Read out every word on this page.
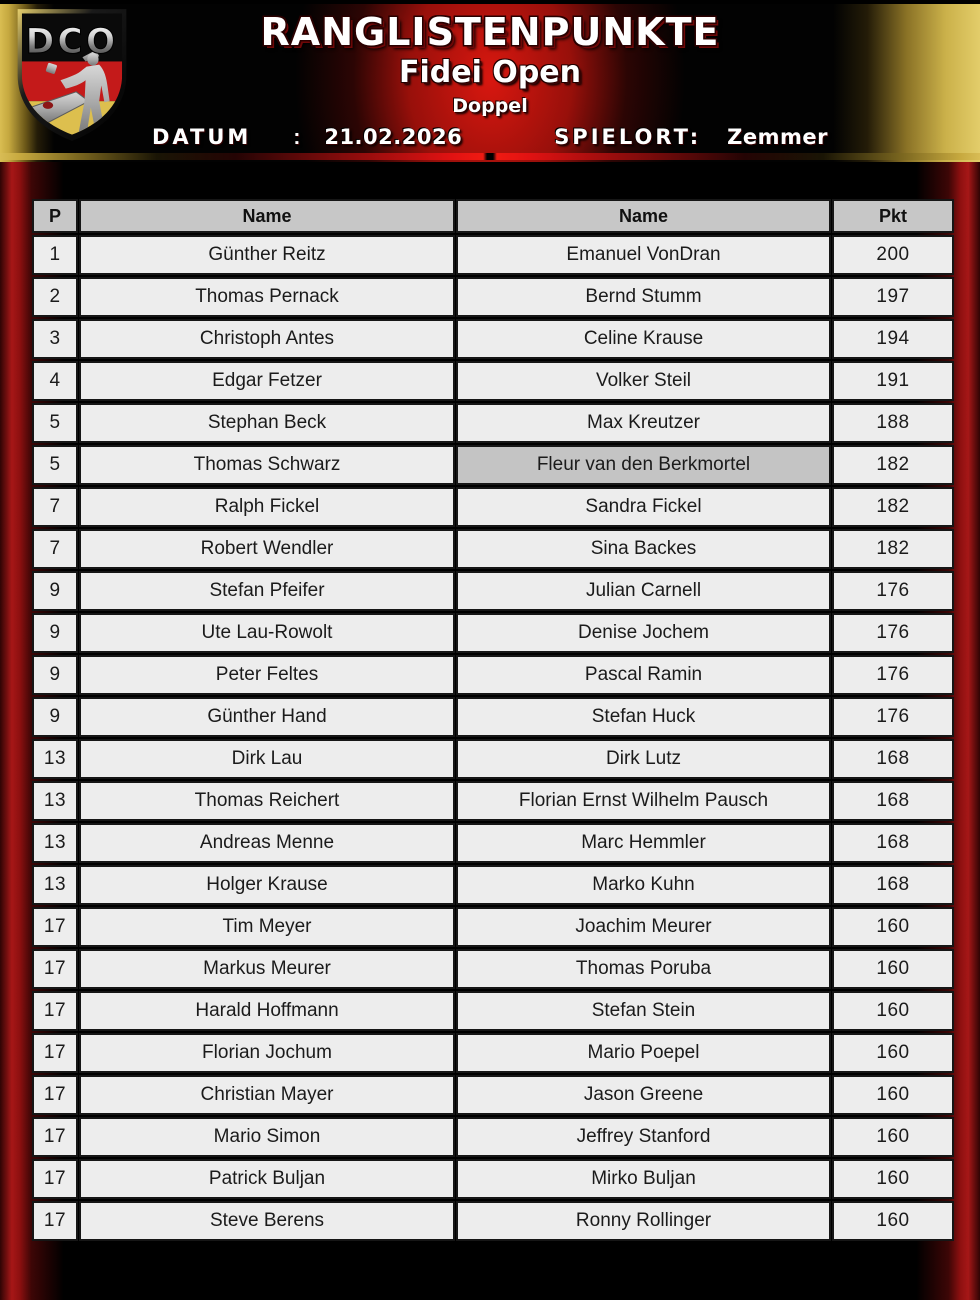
DCO	RANGLISTENPUNKTE
Fidei Open
Doppel
DATUM : 21.02.2026	SPIELORT: Zemmer
P	Name	Name	Pkt
1	Günther Reitz	Emanuel VonDran	200
2	Thomas Pernack	Bernd Stumm	197
3	Christoph Antes	Celine Krause	194
4	Edgar Fetzer	Volker Steil	191
5	Stephan Beck	Max Kreutzer	188
5	Thomas Schwarz	Fleur van den Berkmortel	182
7	Ralph Fickel	Sandra Fickel	182
7	Robert Wendler	Sina Backes	182
9	Stefan Pfeifer	Julian Carnell	176
9	Ute Lau-Rowolt	Denise Jochem	176
9	Peter Feltes	Pascal Ramin	176
9	Günther Hand	Stefan Huck	176
13	Dirk Lau	Dirk Lutz	168
13	Thomas Reichert	Florian Ernst Wilhelm Pausch	168
13	Andreas Menne	Marc Hemmler	168
13	Holger Krause	Marko Kuhn	168
17	Tim Meyer	Joachim Meurer	160
17	Markus Meurer	Thomas Poruba	160
17	Harald Hoffmann	Stefan Stein	160
17	Florian Jochum	Mario Poepel	160
17	Christian Mayer	Jason Greene	160
17	Mario Simon	Jeffrey Stanford	160
17	Patrick Buljan	Mirko Buljan	160
17	Steve Berens	Ronny Rollinger	160
